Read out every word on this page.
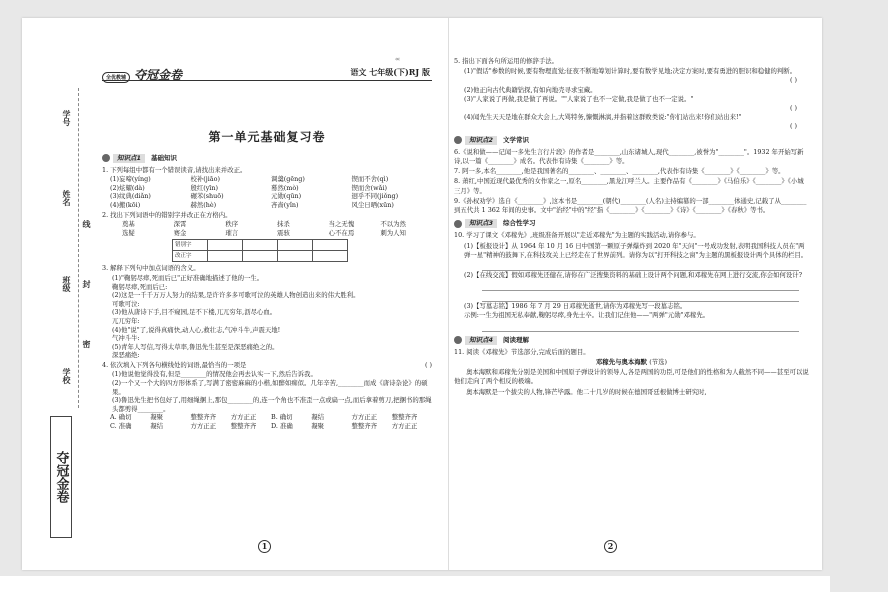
学号
姓名
线
班级 封
学校
密
夺冠金卷
‹‹‹
全优教辅 夺冠金卷	语文 七年级(下)RJ 版
第一单元基础复习卷
知识点1	基础知识
1. 下列每组中都有一个错误读音,请找出来并改正。
(1)妄啼(yíng)	校补(jiāo)	调羹(gēng)	锲而不舍(qì)
(2)炫耀(dà)	殷红(yīn)	蓦然(mò)	锲而舍(wǎi)
(3)纹典(diǎn)	碾苯(shuō)	元勋(qūn)	迥乎不同(jiǒng)
(4)搬(kōi)	赫然(hè)	吝啬(yǐn)	风尘日晒(xūn)
2. 找出下列词语中的错别字并改正在方格内。
奠基	深霄	秩序	抹杀	当之无愧	不以为然
选疑	赛金	璀言	震骇	心不在焉	刺为人知
错别字				
改正字				
3. 解释下列句中加点词语的含义。
(1)"鞠躬尽瘁,死而后已"正好准确地描述了他的一生。
鞠躬尽瘁,死而后已:
(2)这是一千千万万人努力的结果,是许许多多可歌可泣的英雄人物创造出来的伟大胜利。
可歌可泣:
(3)他从唐诗下手,目不窥园,足不下楼,兀兀穷年,沥尽心血。
兀兀穷年:
(4)他"说"了,说得真痛快,动人心,救壮志,气冲斗牛,声震天地!
气冲斗牛:
(5)青年人写信,写得太草率,鲁迅先生甚至是深恶痛绝之的。
深恶痛绝:
4. 依次填入下列各句横线处的词语,最恰当的一项是	( )
(1)他说他觉得没有,但是________的情况他会再去认实一下,然后告诉我。
(2)一个又一个大的四方形体系了,写满了密密麻麻的小楷,如醉如痴似。几年辛苦,________而成《唐诗杂论》的硕果。
(3)鲁迅先生把书包好了,用细绳捆上,那包________的,连一个角也不准歪一点或扁一点,而后拿着剪刀,把捆书的那绳头都剪得________。
A. 确切	凝聚	整整齐齐	方方正正	B. 确切	凝结	方方正正	整整齐齐
C. 准确	凝结	方方正正	整整齐齐	D. 准确	凝聚	整整齐齐	方方正正
1
5. 指出下面各句所运用的修辞手法。
(1)"假话"参数的时候,要有物理直觉;征夜不断地筹划计算时,要有数学见地;决定方案时,要有勇进的胆识和稳健的判断。
( )
(2)他正向古代典籍钻探,有如向地壳寻求宝藏。
(3)"人家说了再做,我是做了再说。""人家说了也不一定做,我是做了也不一定说。"
( )
(4)闻先生天天是地在群众大会上,大骂特务,慷慨淋漓,并指着这群败类说:"你们站出来!你们站出来!"
( )
知识点2	文学常识
6.《说和做——记闻一多先生言行片段》的作者是________,山东诸城人,现代________,被誉为"________"。1932 年开始写新诗,以一篇《________》成名。代表作有诗集《________》等。
7. 阿一多,本名________,他是我国著名的________、________、________,代表作有诗集《________》《________》等。
8. 萧红,中国近现代最优秀的女作家之一,原名________,黑龙江呼兰人。主要作品有《________》《马伯乐》《________》《小城三月》等。
9.《孙权劝学》选自《________》,这本书是________(朝代)________(人名)主持编纂的一部________体通史,记载了从________到五代共 1 362 年间的史事。文中"治经"中的"经"指《________》《________》《诗》《________》《春秋》等书。
知识点3	综合性学习
10. 学习了课文《邓稼先》,班级准备开展以"走近邓稼先"为主题的实践活动,请你参与。
(1)【板报设计】从 1964 年 10 月 16 日中国第一颗原子弹爆炸到 2020 年"天问"一号成功发射,表明我国科技人员在"两弹一星"精神的鼓舞下,在科技攻关上已经走在了世界前列。请你为以"打开科技之窗"为主题的黑板报设计两个具体的栏目。
(2)【在线交流】假如邓稼先还健在,请你在广泛搜集资料的基础上设计两个问题,和邓稼先在网上进行交流,你会如何设计?
(3)【写墓志铭】1986 年 7 月 29 日邓稼先逝世,请你为邓稼先写一段墓志铭。
示例:一生为祖国无私奉献,鞠躬尽瘁,身先士卒。让我们记住他——"两弹"元勋"邓稼先。
知识点4	阅读理解
11. 阅读《邓稼先》节选部分,完成后面的题目。
邓稼先与奥本海默 (节选)
奥本海默和邓稼先分别是美国和中国原子弹设计的领导人,各是两国的功臣,可是他们的性格和为人截然不同——甚至可以说他们走向了两个相反的极端。
奥本海默是一个拔尖的人物,锋芒毕露。他二十几岁的时候在德国哥廷根做博士研究时,
2
